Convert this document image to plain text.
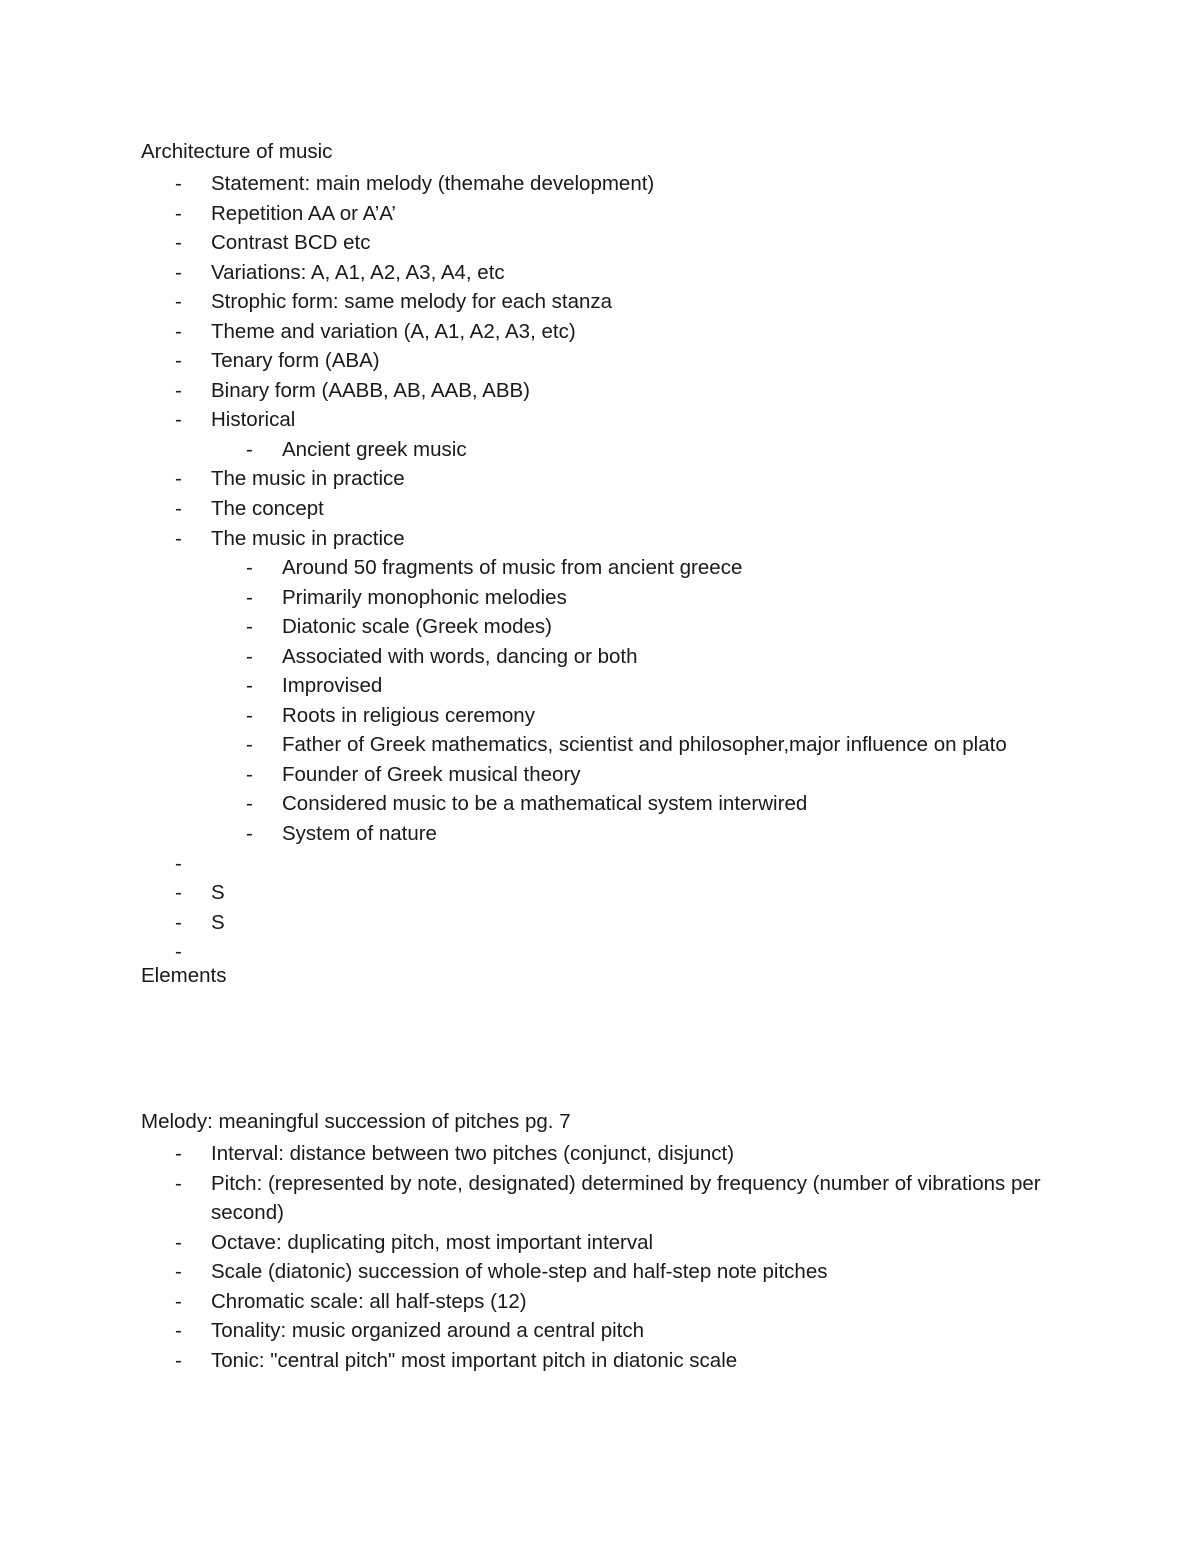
Architecture of music
- Statement: main melody (themahe development)
- Repetition AA or A’A’
- Contrast BCD etc
- Variations: A, A1, A2, A3, A4, etc
- Strophic form: same melody for each stanza
- Theme and variation (A, A1, A2, A3, etc)
- Tenary form (ABA)
- Binary form (AABB, AB, AAB, ABB)
- Historical
- Ancient greek music
- The music in practice
- The concept
- The music in practice
- Around 50 fragments of music from ancient greece
- Primarily monophonic melodies
- Diatonic scale (Greek modes)
- Associated with words, dancing or both
- Improvised
- Roots in religious ceremony
- Father of Greek mathematics, scientist and philosopher,major influence on plato
- Founder of Greek musical theory
- Considered music to be a mathematical system interwired
- System of nature
-

- S
- S
-

Elements
Melody: meaningful succession of pitches pg. 7
- Interval: distance between two pitches (conjunct, disjunct)
- Pitch: (represented by note, designated) determined by frequency (number of vibrations per second)
- Octave: duplicating pitch, most important interval
- Scale (diatonic) succession of whole-step and half-step note pitches
- Chromatic scale: all half-steps (12)
- Tonality: music organized around a central pitch
- Tonic: "central pitch" most important pitch in diatonic scale
